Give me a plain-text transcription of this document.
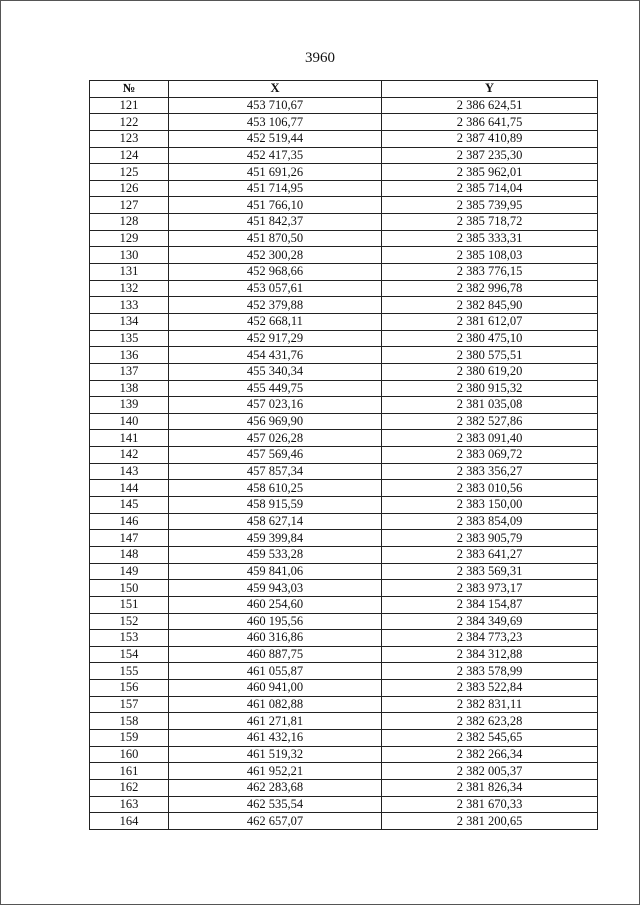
3960
№	X	Y
121	453 710,67	2 386 624,51
122	453 106,77	2 386 641,75
123	452 519,44	2 387 410,89
124	452 417,35	2 387 235,30
125	451 691,26	2 385 962,01
126	451 714,95	2 385 714,04
127	451 766,10	2 385 739,95
128	451 842,37	2 385 718,72
129	451 870,50	2 385 333,31
130	452 300,28	2 385 108,03
131	452 968,66	2 383 776,15
132	453 057,61	2 382 996,78
133	452 379,88	2 382 845,90
134	452 668,11	2 381 612,07
135	452 917,29	2 380 475,10
136	454 431,76	2 380 575,51
137	455 340,34	2 380 619,20
138	455 449,75	2 380 915,32
139	457 023,16	2 381 035,08
140	456 969,90	2 382 527,86
141	457 026,28	2 383 091,40
142	457 569,46	2 383 069,72
143	457 857,34	2 383 356,27
144	458 610,25	2 383 010,56
145	458 915,59	2 383 150,00
146	458 627,14	2 383 854,09
147	459 399,84	2 383 905,79
148	459 533,28	2 383 641,27
149	459 841,06	2 383 569,31
150	459 943,03	2 383 973,17
151	460 254,60	2 384 154,87
152	460 195,56	2 384 349,69
153	460 316,86	2 384 773,23
154	460 887,75	2 384 312,88
155	461 055,87	2 383 578,99
156	460 941,00	2 383 522,84
157	461 082,88	2 382 831,11
158	461 271,81	2 382 623,28
159	461 432,16	2 382 545,65
160	461 519,32	2 382 266,34
161	461 952,21	2 382 005,37
162	462 283,68	2 381 826,34
163	462 535,54	2 381 670,33
164	462 657,07	2 381 200,65
